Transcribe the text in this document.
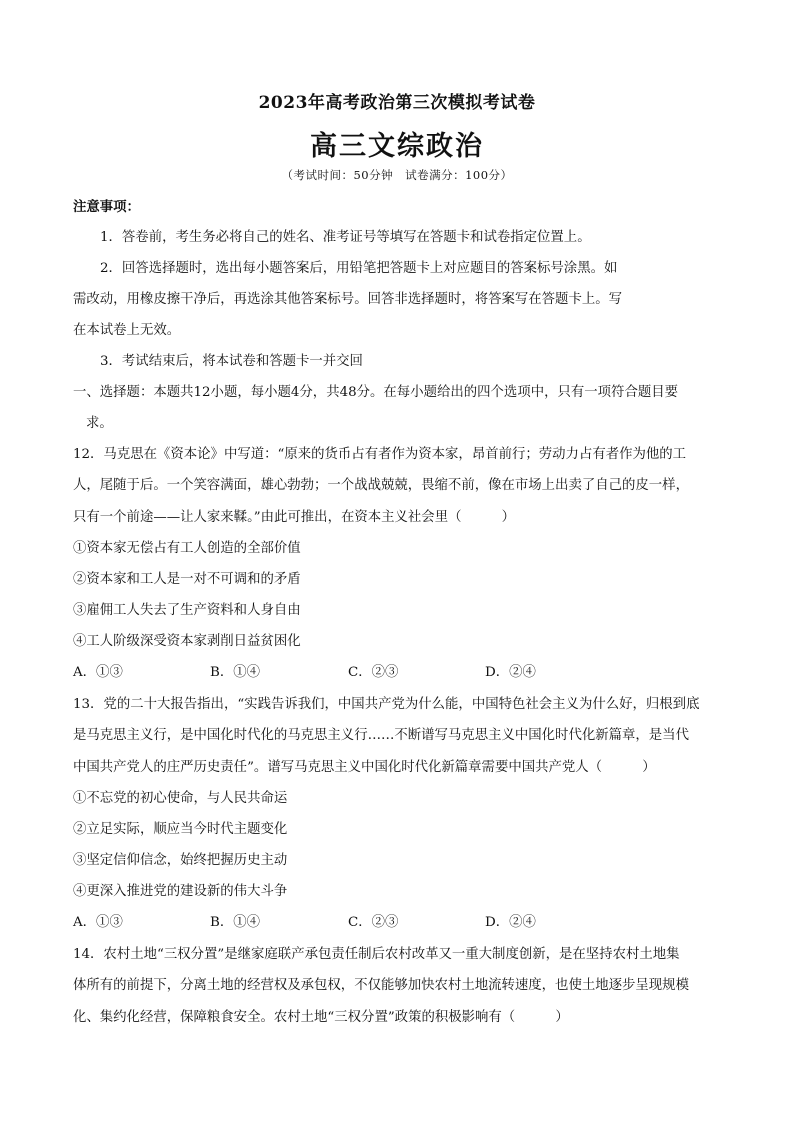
2023年高考政治第三次模拟考试卷
高三文综政治
（考试时间：50分钟　试卷满分：100分）
注意事项：
1．答卷前，考生务必将自己的姓名、准考证号等填写在答题卡和试卷指定位置上。
2．回答选择题时，选出每小题答案后，用铅笔把答题卡上对应题目的答案标号涂黑。如
需改动，用橡皮擦干净后，再选涂其他答案标号。回答非选择题时，将答案写在答题卡上。写
在本试卷上无效。
3．考试结束后，将本试卷和答题卡一并交回
一、选择题：本题共12小题，每小题4分，共48分。在每小题给出的四个选项中，只有一项符合题目要
求。
12．马克思在《资本论》中写道：“原来的货币占有者作为资本家，昂首前行；劳动力占有者作为他的工
人，尾随于后。一个笑容满面，雄心勃勃；一个战战兢兢，畏缩不前，像在市场上出卖了自己的皮一样，
只有一个前途——让人家来鞣。”由此可推出，在资本主义社会里（　　　）
①资本家无偿占有工人创造的全部价值
②资本家和工人是一对不可调和的矛盾
③雇佣工人失去了生产资料和人身自由
④工人阶级深受资本家剥削日益贫困化
A．①③	B．①④	C．②③	D．②④
13．党的二十大报告指出，“实践告诉我们，中国共产党为什么能，中国特色社会主义为什么好，归根到底
是马克思主义行，是中国化时代化的马克思主义行……不断谱写马克思主义中国化时代化新篇章，是当代
中国共产党人的庄严历史责任”。谱写马克思主义中国化时代化新篇章需要中国共产党人（　　　）
①不忘党的初心使命，与人民共命运
②立足实际，顺应当今时代主题变化
③坚定信仰信念，始终把握历史主动
④更深入推进党的建设新的伟大斗争
A．①③	B．①④	C．②③	D．②④
14．农村土地“三权分置”是继家庭联产承包责任制后农村改革又一重大制度创新，是在坚持农村土地集
体所有的前提下，分离土地的经营权及承包权，不仅能够加快农村土地流转速度，也使土地逐步呈现规模
化、集约化经营，保障粮食安全。农村土地“三权分置”政策的积极影响有（　　　）
